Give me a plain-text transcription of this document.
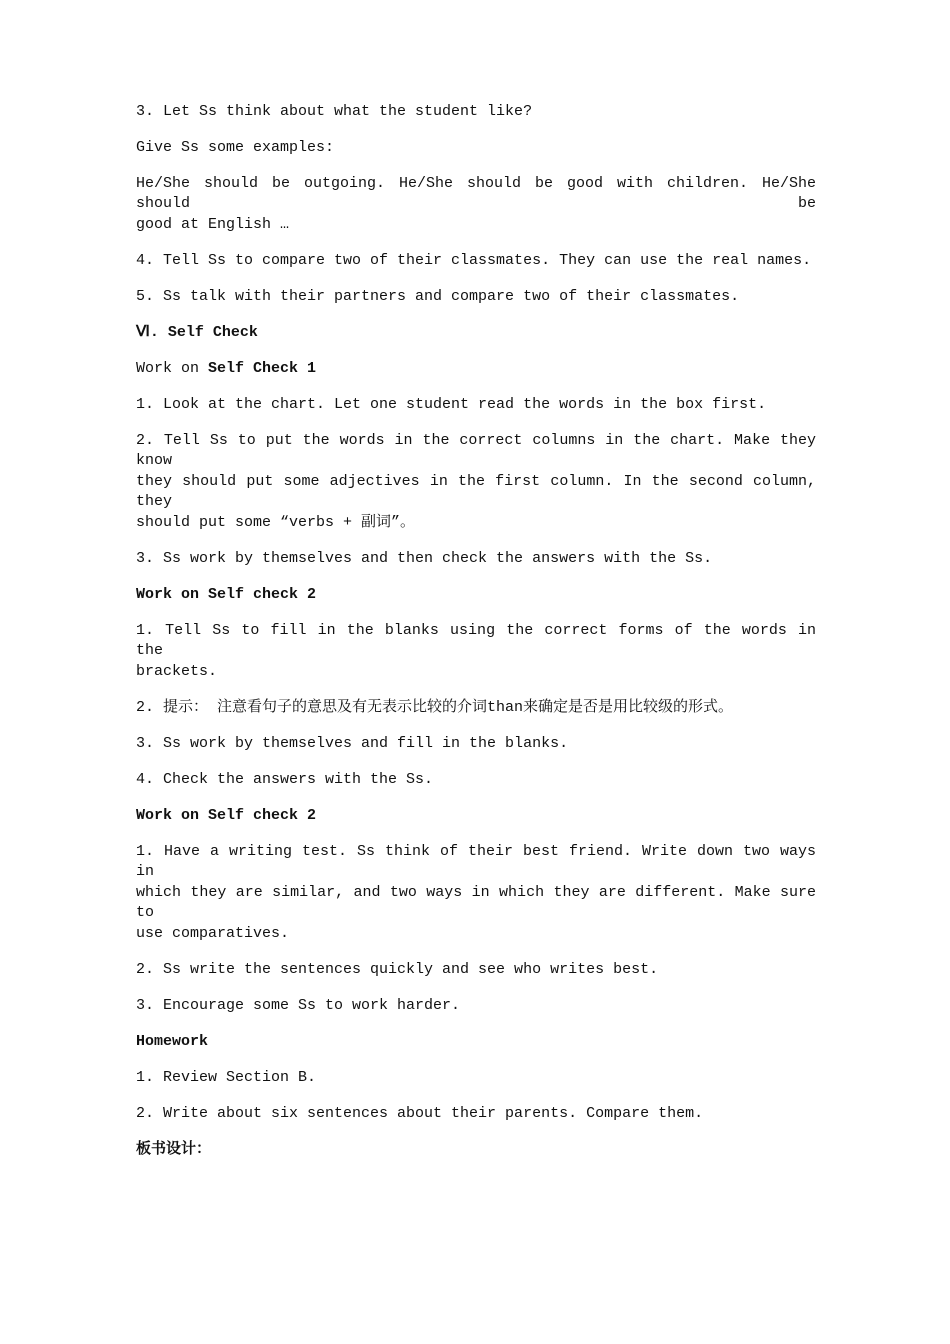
3. Let Ss think about what the student like?
Give Ss some examples:
He/She should be outgoing. He/She should be good with children. He/She should be
good at English …
4. Tell Ss to compare two of their classmates. They can use the real names.
5. Ss talk with their partners and compare two of their classmates.
Ⅵ. Self Check
Work on Self Check 1
1. Look at the chart. Let one student read the words in the box first.
2. Tell Ss to put the words in the correct columns in the chart. Make they know
they should put some adjectives in the first column. In the second column, they
should put some “verbs + 副词”。
3. Ss work by themselves and then check the answers with the Ss.
Work on Self check 2
1. Tell Ss to fill in the blanks using the correct forms of the words in the
brackets.
2. 提示： 注意看句子的意思及有无表示比较的介词than来确定是否是用比较级的形式。
3. Ss work by themselves and fill in the blanks.
4. Check the answers with the Ss.
Work on Self check 2
1. Have a writing test. Ss think of their best friend. Write down two ways in
which they are similar, and two ways in which they are different. Make sure to
use comparatives.
2. Ss write the sentences quickly and see who writes best.
3. Encourage some Ss to work harder.
Homework
1. Review Section B.
2. Write about six sentences about their parents. Compare them.
板书设计：
